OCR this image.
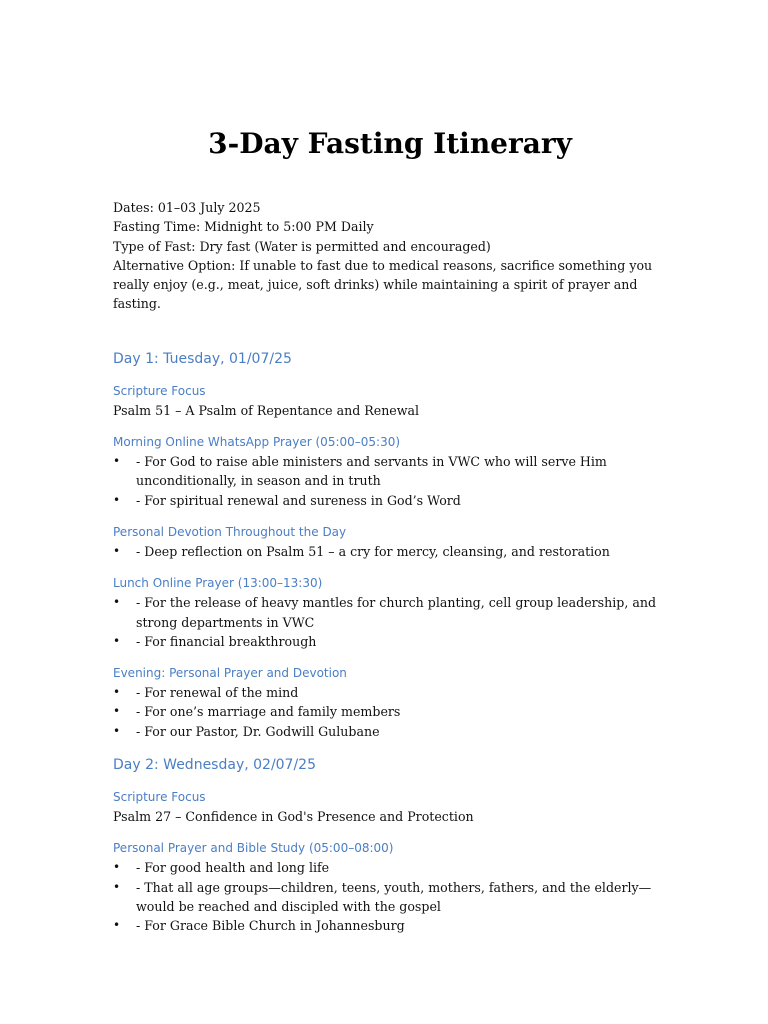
3-Day Fasting Itinerary

Dates: 01–03 July 2025

Fasting Time: Midnight to 5:00 PM Daily

Type of Fast: Dry fast (Water is permitted and encouraged)

Alternative Option: If unable to fast due to medical reasons, sacrifice something you really enjoy (e.g., meat, juice, soft drinks) while maintaining a spirit of prayer and fasting.

Day 1: Tuesday, 01/07/25
Scripture Focus

Psalm 51 – A Psalm of Repentance and Renewal

Morning Online WhatsApp Prayer (05:00–05:30)
• - For God to raise able ministers and servants in VWC who will serve Him unconditionally, in season and in truth
• - For spiritual renewal and sureness in God’s Word
Personal Devotion Throughout the Day
• - Deep reflection on Psalm 51 – a cry for mercy, cleansing, and restoration
Lunch Online Prayer (13:00–13:30)
• - For the release of heavy mantles for church planting, cell group leadership, and strong departments in VWC
• - For financial breakthrough
Evening: Personal Prayer and Devotion
• - For renewal of the mind
• - For one’s marriage and family members
• - For our Pastor, Dr. Godwill Gulubane
Day 2: Wednesday, 02/07/25
Scripture Focus

Psalm 27 – Confidence in God's Presence and Protection

Personal Prayer and Bible Study (05:00–08:00)
• - For good health and long life
• - That all age groups—children, teens, youth, mothers, fathers, and the elderly—would be reached and discipled with the gospel
• - For Grace Bible Church in Johannesburg
